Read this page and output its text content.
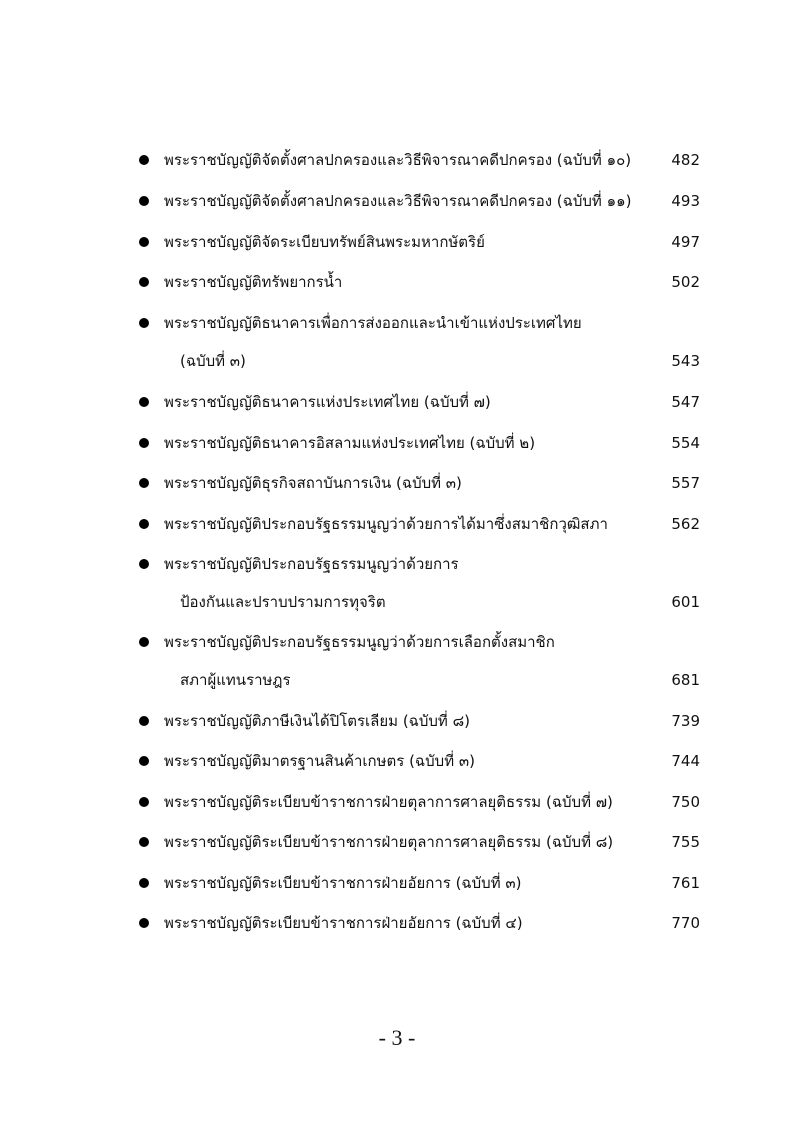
พระราชบัญญัติจัดตั้งศาลปกครองและวิธีพิจารณาคดีปกครอง (ฉบับที่ ๑๐)	482
พระราชบัญญัติจัดตั้งศาลปกครองและวิธีพิจารณาคดีปกครอง (ฉบับที่ ๑๑)	493
พระราชบัญญัติจัดระเบียบทรัพย์สินพระมหากษัตริย์	497
พระราชบัญญัติทรัพยากรน้ำ	502
พระราชบัญญัติธนาคารเพื่อการส่งออกและนำเข้าแห่งประเทศไทย
(ฉบับที่ ๓)	543
พระราชบัญญัติธนาคารแห่งประเทศไทย (ฉบับที่ ๗)	547
พระราชบัญญัติธนาคารอิสลามแห่งประเทศไทย (ฉบับที่ ๒)	554
พระราชบัญญัติธุรกิจสถาบันการเงิน (ฉบับที่ ๓)	557
พระราชบัญญัติประกอบรัฐธรรมนูญว่าด้วยการได้มาซึ่งสมาชิกวุฒิสภา	562
พระราชบัญญัติประกอบรัฐธรรมนูญว่าด้วยการ
ป้องกันและปราบปรามการทุจริต	601
พระราชบัญญัติประกอบรัฐธรรมนูญว่าด้วยการเลือกตั้งสมาชิก
สภาผู้แทนราษฎร	681
พระราชบัญญัติภาษีเงินได้ปิโตรเลียม (ฉบับที่ ๘)	739
พระราชบัญญัติมาตรฐานสินค้าเกษตร (ฉบับที่ ๓)	744
พระราชบัญญัติระเบียบข้าราชการฝ่ายตุลาการศาลยุติธรรม (ฉบับที่ ๗)	750
พระราชบัญญัติระเบียบข้าราชการฝ่ายตุลาการศาลยุติธรรม (ฉบับที่ ๘)	755
พระราชบัญญัติระเบียบข้าราชการฝ่ายอัยการ (ฉบับที่ ๓)	761
พระราชบัญญัติระเบียบข้าราชการฝ่ายอัยการ (ฉบับที่ ๔)	770
- 3 -
